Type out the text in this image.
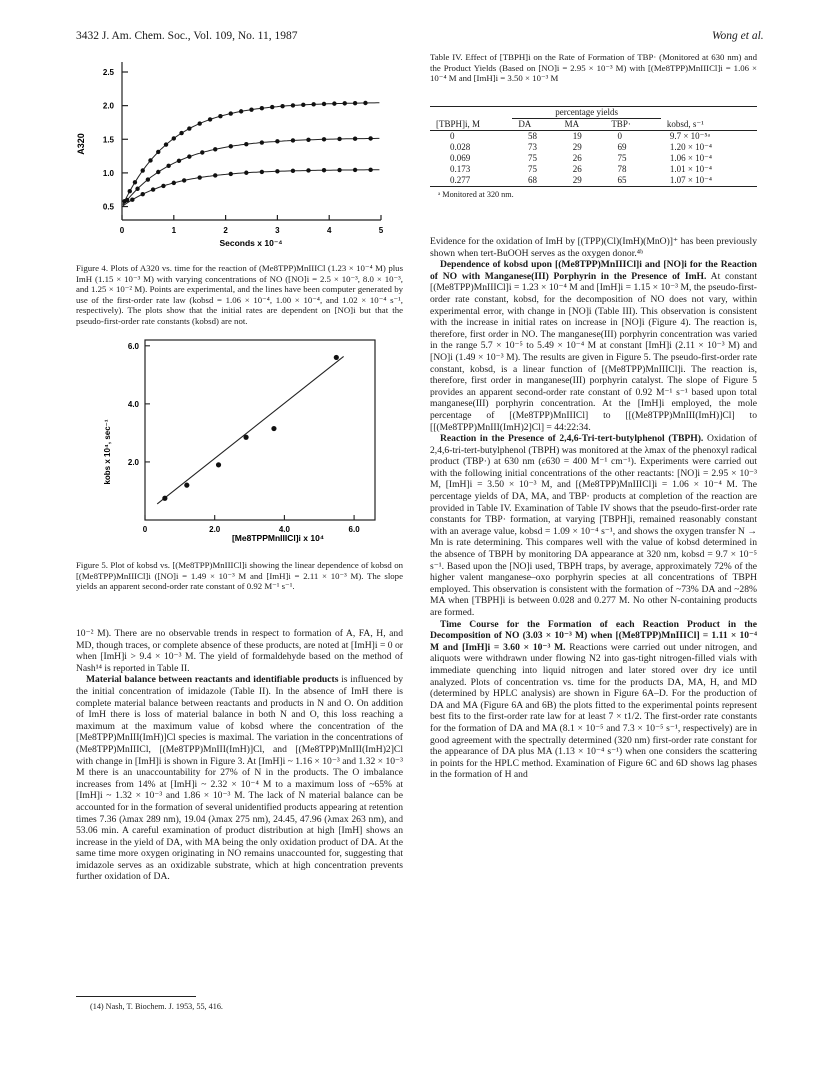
3432 J. Am. Chem. Soc., Vol. 109, No. 11, 1987	Wong et al.
2.5
2.0
1.5
1.0
0.5
0	1	2	3	4	5
Seconds x 10⁻⁴
A320
Figure 4. Plots of A320 vs. time for the reaction of (Me8TPP)MnIIICl (1.23 × 10⁻⁴ M) plus ImH (1.15 × 10⁻³ M) with varying concentrations of NO ([NO]i = 2.5 × 10⁻³, 8.0 × 10⁻³, and 1.25 × 10⁻² M). Points are experimental, and the lines have been computer generated by use of the first-order rate law (kobsd = 1.06 × 10⁻⁴, 1.00 × 10⁻⁴, and 1.02 × 10⁻⁴ s⁻¹, respectively). The plots show that the initial rates are dependent on [NO]i but that the pseudo-first-order rate constants (kobsd) are not.
6.0
4.0
2.0
0	2.0	4.0	6.0
[Me8TPPMnIIICl]i x 10⁴
kobs x 10⁴, sec⁻¹
Figure 5. Plot of kobsd vs. [(Me8TPP)MnIIICl]i showing the linear dependence of kobsd on [(Me8TPP)MnIIICl]i ([NO]i = 1.49 × 10⁻³ M and [ImH]i = 2.11 × 10⁻³ M). The slope yields an apparent second-order rate constant of 0.92 M⁻¹ s⁻¹.

10⁻² M). There are no observable trends in respect to formation of A, FA, H, and MD, though traces, or complete absence of these products, are noted at [ImH]i = 0 or when [ImH]i > 9.4 × 10⁻³ M. The yield of formaldehyde based on the method of Nash¹⁴ is reported in Table II.

Material balance between reactants and identifiable products is influenced by the initial concentration of imidazole (Table II). In the absence of ImH there is complete material balance between reactants and products in N and O. On addition of ImH there is loss of material balance in both N and O, this loss reaching a maximum at the maximum value of kobsd where the concentration of the [Me8TPP)MnIII(ImH)]Cl species is maximal. The variation in the concentrations of (Me8TPP)MnIIICl, [(Me8TPP)MnIII(ImH)]Cl, and [(Me8TPP)MnIII(ImH)2]Cl with change in [ImH]i is shown in Figure 3. At [ImH]i ~ 1.16 × 10⁻³ and 1.32 × 10⁻³ M there is an unaccountability for 27% of N in the products. The O imbalance increases from 14% at [ImH]i ~ 2.32 × 10⁻⁴ M to a maximum loss of ~65% at [ImH]i ~ 1.32 × 10⁻³ and 1.86 × 10⁻³ M. The lack of N material balance can be accounted for in the formation of several unidentified products appearing at retention times 7.36 (λmax 289 nm), 19.04 (λmax 275 nm), 24.45, 47.96 (λmax 263 nm), and 53.06 min. A careful examination of product distribution at high [ImH] shows an increase in the yield of DA, with MA being the only oxidation product of DA. At the same time more oxygen originating in NO remains unaccounted for, suggesting that imidazole serves as an oxidizable substrate, which at high concentration prevents further oxidation of DA.

(14) Nash, T. Biochem. J. 1953, 55, 416.
Table IV. Effect of [TBPH]i on the Rate of Formation of TBP· (Monitored at 630 nm) and the Product Yields (Based on [NO]i = 2.95 × 10⁻³ M) with [(Me8TPP)MnIIICl]i = 1.06 × 10⁻⁴ M and [ImH]i = 3.50 × 10⁻³ M
	percentage yields			
[TBPH]i, M	DA	MA	TBP·	kobsd, s⁻¹
0	58	19	0	9.7 × 10⁻⁵ᵃ
0.028	73	29	69	1.20 × 10⁻⁴
0.069	75	26	75	1.06 × 10⁻⁴
0.173	75	26	78	1.01 × 10⁻⁴
0.277	68	29	65	1.07 × 10⁻⁴
ᵃ Monitored at 320 nm.

Evidence for the oxidation of ImH by [(TPP)(Cl)(ImH)(MnO)]⁺ has been previously shown when tert-BuOOH serves as the oxygen donor.⁴ᵇ

Dependence of kobsd upon [(Me8TPP)MnIIICl]i and [NO]i for the Reaction of NO with Manganese(III) Porphyrin in the Presence of ImH. At constant [(Me8TPP)MnIIICl]i = 1.23 × 10⁻⁴ M and [ImH]i = 1.15 × 10⁻³ M, the pseudo-first-order rate constant, kobsd, for the decomposition of NO does not vary, within experimental error, with change in [NO]i (Table III). This observation is consistent with the increase in initial rates on increase in [NO]i (Figure 4). The reaction is, therefore, first order in NO. The manganese(III) porphyrin concentration was varied in the range 5.7 × 10⁻⁵ to 5.49 × 10⁻⁴ M at constant [ImH]i (2.11 × 10⁻³ M) and [NO]i (1.49 × 10⁻³ M). The results are given in Figure 5. The pseudo-first-order rate constant, kobsd, is a linear function of [(Me8TPP)MnIIICl]i. The reaction is, therefore, first order in manganese(III) porphyrin catalyst. The slope of Figure 5 provides an apparent second-order rate constant of 0.92 M⁻¹ s⁻¹ based upon total manganese(III) porphyrin concentration. At the [ImH]i employed, the mole percentage of [(Me8TPP)MnIIICl] to [[(Me8TPP)MnIII(ImH)]Cl] to [[(Me8TPP)MnIII(ImH)2]Cl] = 44:22:34.

Reaction in the Presence of 2,4,6-Tri-tert-butylphenol (TBPH). Oxidation of 2,4,6-tri-tert-butylphenol (TBPH) was monitored at the λmax of the phenoxyl radical product (TBP·) at 630 nm (ε630 = 400 M⁻¹ cm⁻¹). Experiments were carried out with the following initial concentrations of the other reactants: [NO]i = 2.95 × 10⁻³ M, [ImH]i = 3.50 × 10⁻³ M, and [(Me8TPP)MnIIICl]i = 1.06 × 10⁻⁴ M. The percentage yields of DA, MA, and TBP· products at completion of the reaction are provided in Table IV. Examination of Table IV shows that the pseudo-first-order rate constants for TBP· formation, at varying [TBPH]i, remained reasonably constant with an average value, kobsd = 1.09 × 10⁻⁴ s⁻¹, and shows the oxygen transfer N → Mn is rate determining. This compares well with the value of kobsd determined in the absence of TBPH by monitoring DA appearance at 320 nm, kobsd = 9.7 × 10⁻⁵ s⁻¹. Based upon the [NO]i used, TBPH traps, by average, approximately 72% of the higher valent manganese–oxo porphyrin species at all concentrations of TBPH employed. This observation is consistent with the formation of ~73% DA and ~28% MA when [TBPH]i is between 0.028 and 0.277 M. No other N-containing products are formed.

Time Course for the Formation of each Reaction Product in the Decomposition of NO (3.03 × 10⁻³ M) when [(Me8TPP)MnIIICl] = 1.11 × 10⁻⁴ M and [ImH]i = 3.60 × 10⁻³ M. Reactions were carried out under nitrogen, and aliquots were withdrawn under flowing N2 into gas-tight nitrogen-filled vials with immediate quenching into liquid nitrogen and later stored over dry ice until analyzed. Plots of concentration vs. time for the products DA, MA, H, and MD (determined by HPLC analysis) are shown in Figure 6A–D. For the production of DA and MA (Figure 6A and 6B) the plots fitted to the experimental points represent best fits to the first-order rate law for at least 7 × t1/2. The first-order rate constants for the formation of DA and MA (8.1 × 10⁻⁵ and 7.3 × 10⁻⁵ s⁻¹, respectively) are in good agreement with the spectrally determined (320 nm) first-order rate constant for the appearance of DA plus MA (1.13 × 10⁻⁴ s⁻¹) when one considers the scattering in points for the HPLC method. Examination of Figure 6C and 6D shows lag phases in the formation of H and
